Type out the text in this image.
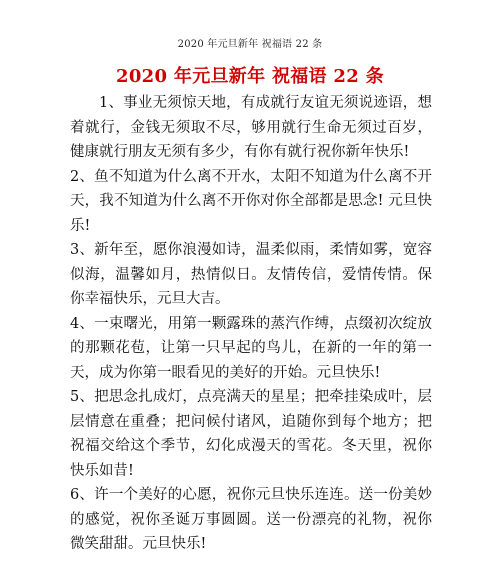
2020 年元旦新年 祝福语 22 条
2020 年元旦新年 祝福语 22 条

1、事业无须惊天地，有成就行友谊无须说迹语，想着就行，金钱无须取不尽，够用就行生命无须过百岁，健康就行朋友无须有多少，有你有就行祝你新年快乐!

2、鱼不知道为什么离不开水，太阳不知道为什么离不开天，我不知道为什么离不开你对你全部都是思念! 元旦快乐!

3、新年至，愿你浪漫如诗，温柔似雨，柔情如雾，宽容似海，温馨如月，热情似日。友情传信，爱情传情。保你幸福快乐，元旦大吉。

4、一束曙光，用第一颗露珠的蒸汽作缚，点缀初次绽放的那颗花苞，让第一只早起的鸟儿，在新的一年的第一天，成为你第一眼看见的美好的开始。元旦快乐!

5、把思念扎成灯，点亮满天的星星；把牵挂染成叶，层层情意在重叠；把问候付诸风，追随你到每个地方；把祝福交给这个季节，幻化成漫天的雪花。冬天里，祝你快乐如昔!

6、许一个美好的心愿，祝你元旦快乐连连。送一份美妙的感觉，祝你圣诞万事圆圆。送一份漂亮的礼物，祝你微笑甜甜。元旦快乐!
